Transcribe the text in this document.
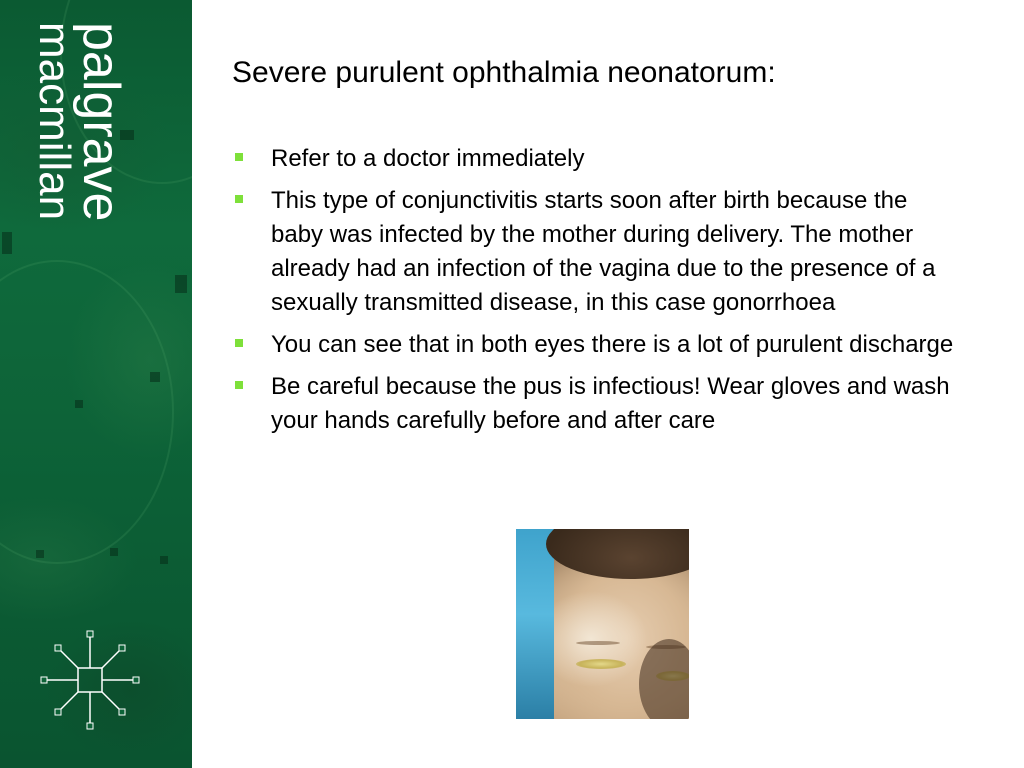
palgrave
macmillan	Severe purulent ophthalmia neonatorum:
Refer to a doctor immediately
This type of conjunctivitis starts soon after birth because the baby was infected by the mother during delivery. The mother already had an infection of the vagina due to the presence of a sexually transmitted disease, in this case gonorrhoea
You can see that in both eyes there is a lot of purulent discharge
Be careful because the pus is infectious! Wear gloves and wash your hands carefully before and after care
